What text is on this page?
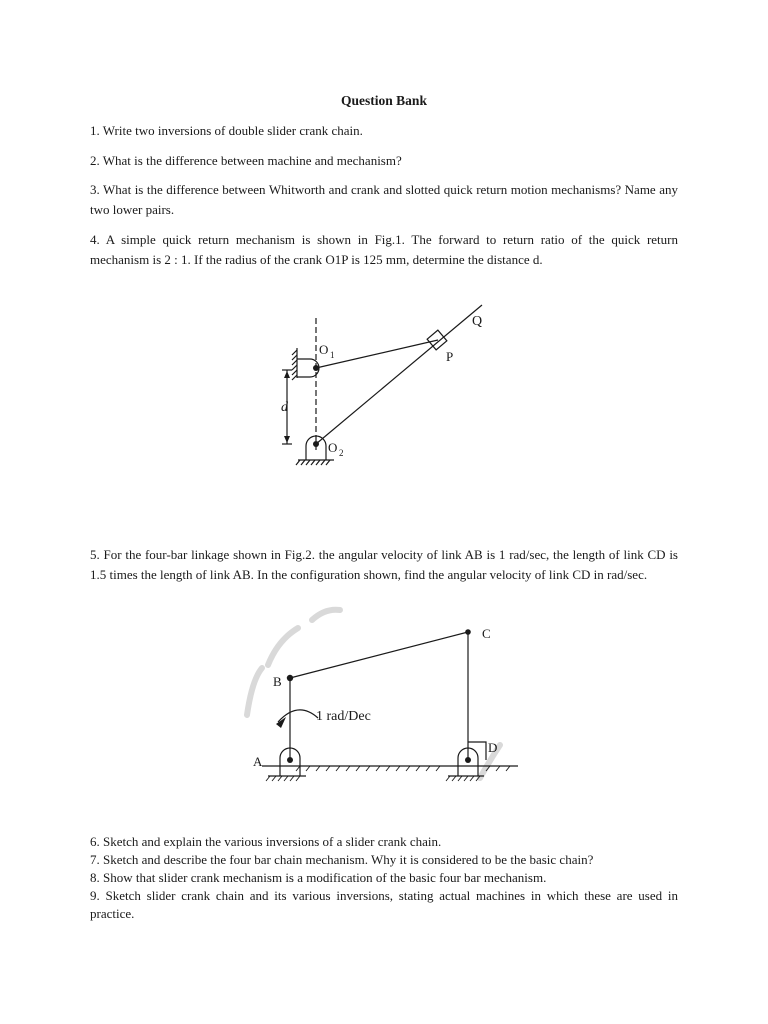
Question Bank
1. Write two inversions of double slider crank chain.
2. What is the difference between machine and mechanism?
3. What is the difference between Whitworth and crank and slotted quick return motion mechanisms? Name any two lower pairs.
4. A simple quick return mechanism is shown in Fig.1. The forward to return ratio of the quick return mechanism is 2 : 1. If the radius of the crank O1P is 125 mm, determine the distance d.
Q
O 1	P
d
O 2
5. For the four-bar linkage shown in Fig.2. the angular velocity of link AB is 1 rad/sec, the length of link CD is 1.5 times the length of link AB. In the configuration shown, find the angular velocity of link CD in rad/sec.
C
B
1 rad/Dec
A
D
6. Sketch and explain the various inversions of a slider crank chain.
7. Sketch and describe the four bar chain mechanism. Why it is considered to be the basic chain?
8. Show that slider crank mechanism is a modification of the basic four bar mechanism.
9. Sketch slider crank chain and its various inversions, stating actual machines in which these are used in practice.
